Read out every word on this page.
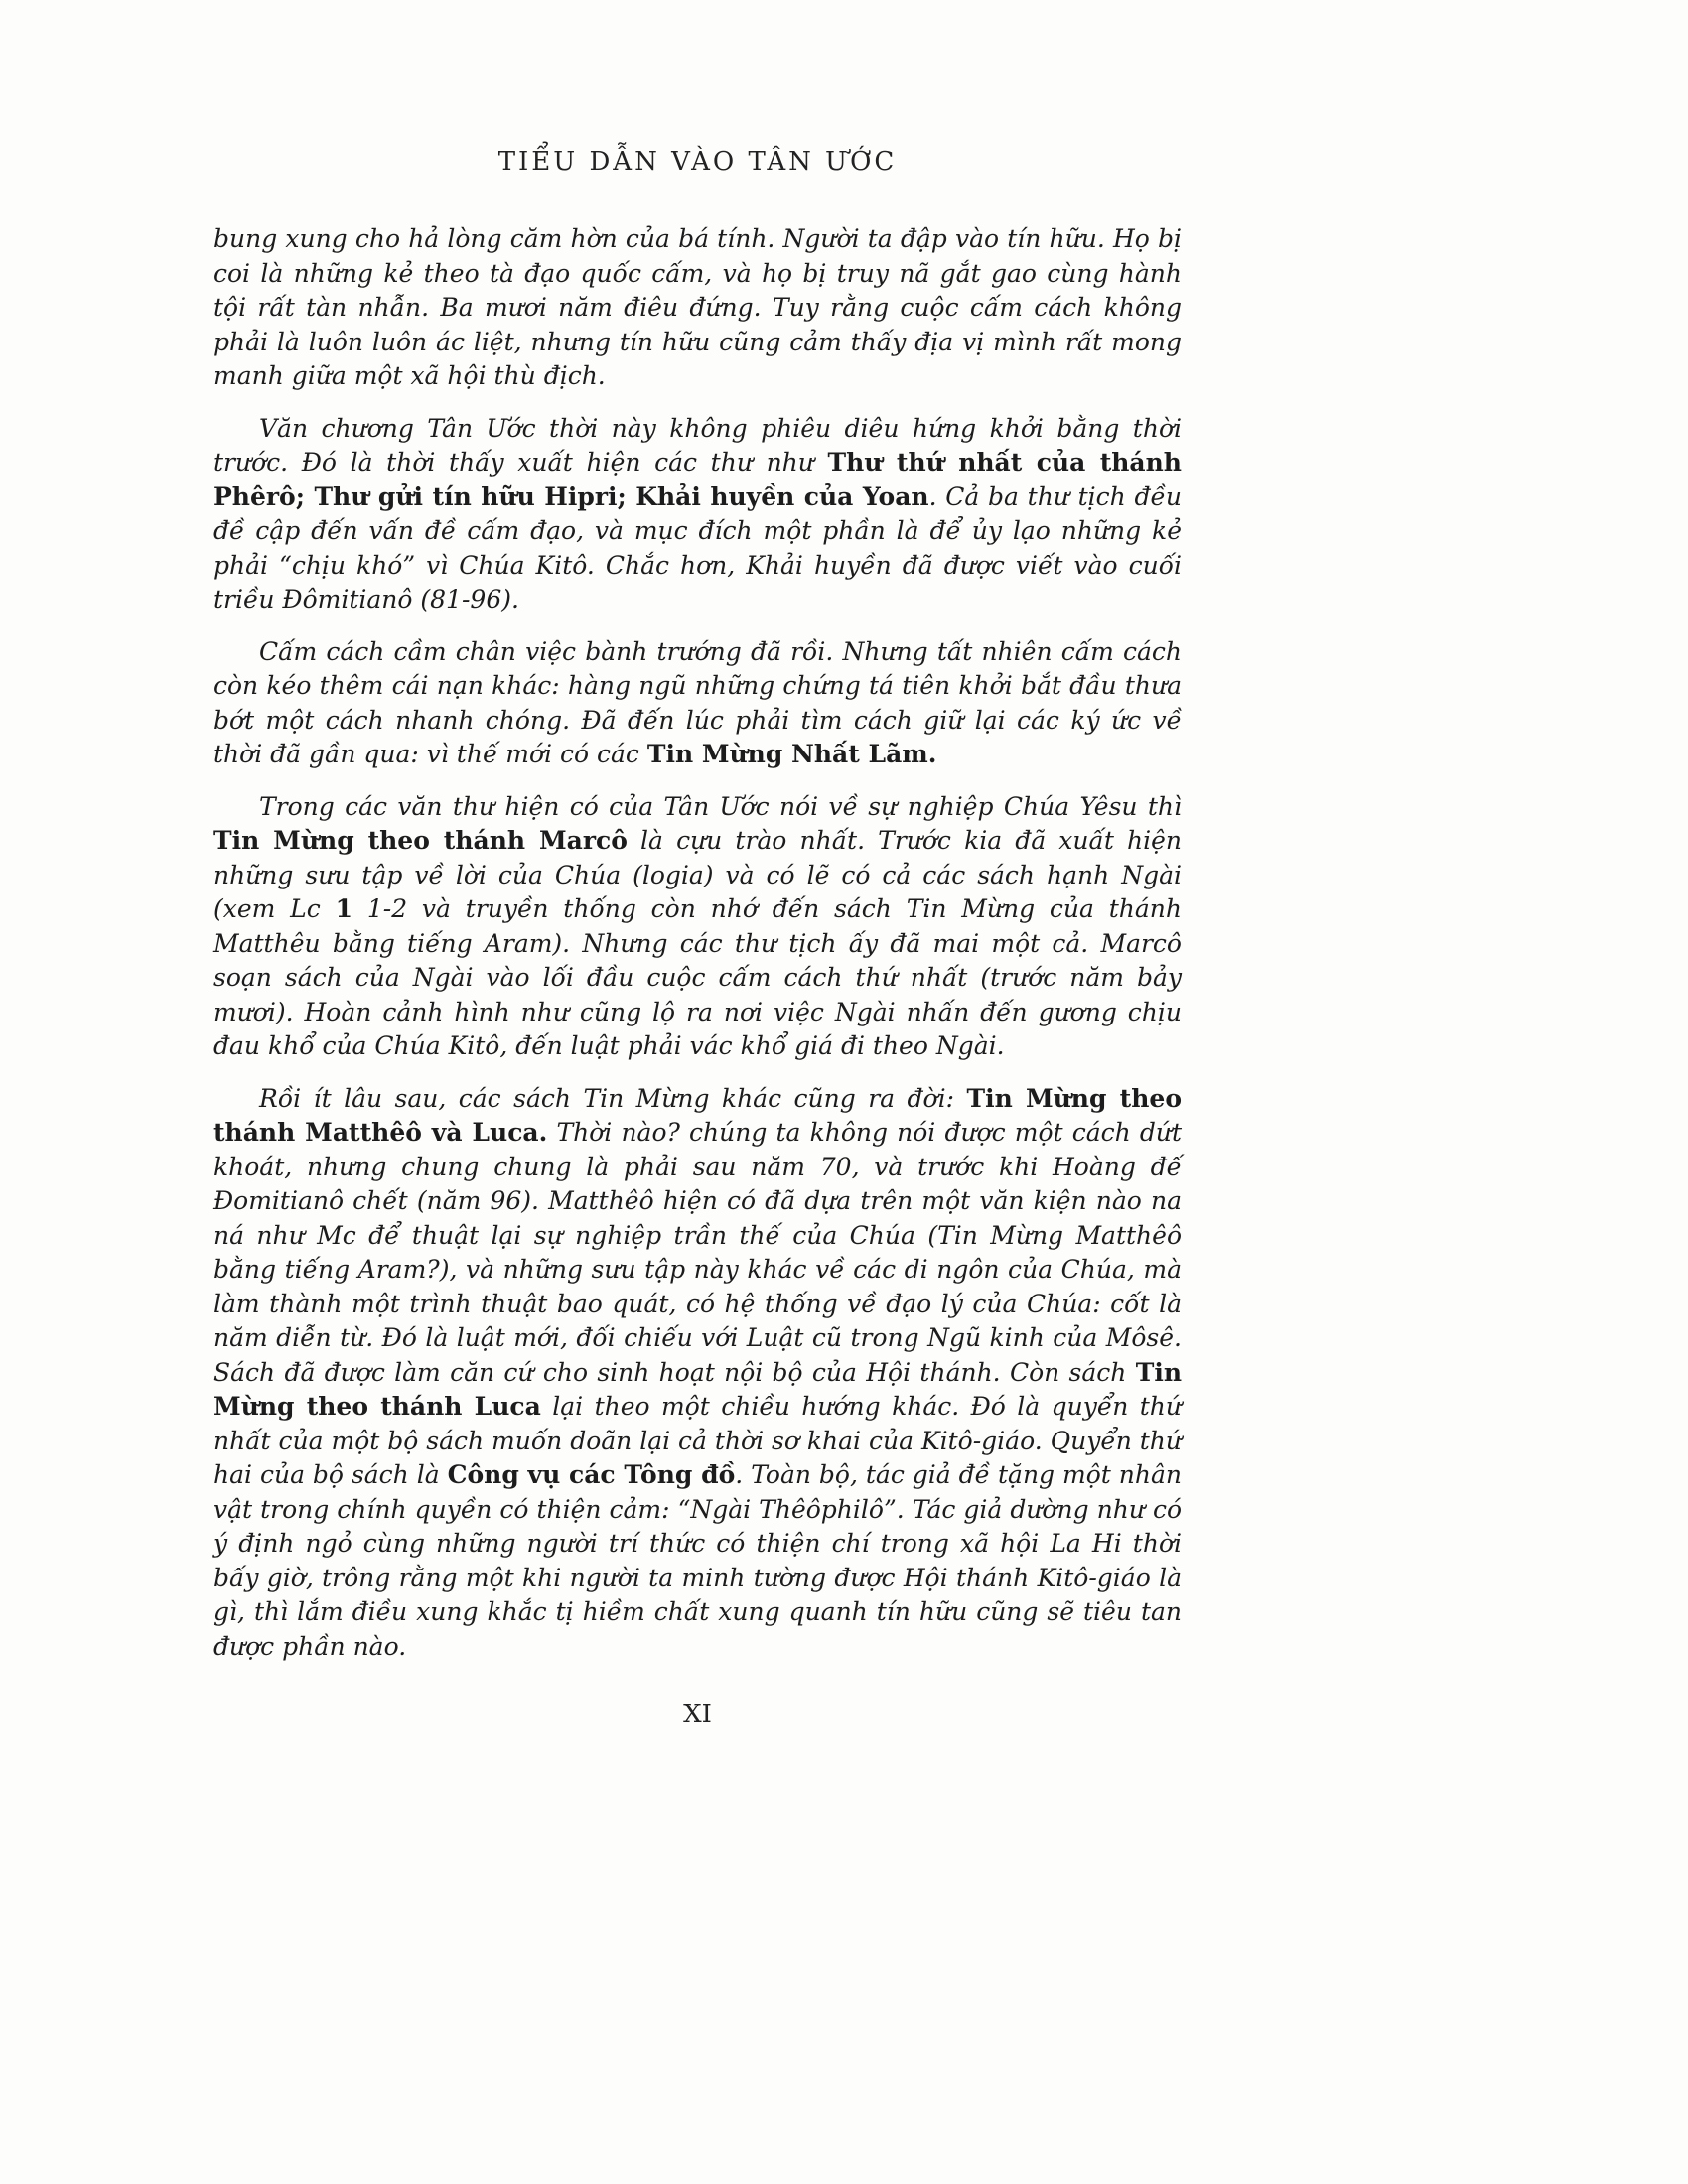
TIỂU DẪN VÀO TÂN ƯỚC

bung xung cho hả lòng căm hờn của bá tính. Người ta đập vào tín hữu. Họ bị coi là những kẻ theo tà đạo quốc cấm, và họ bị truy nã gắt gao cùng hành tội rất tàn nhẫn. Ba mươi năm điêu đứng. Tuy rằng cuộc cấm cách không phải là luôn luôn ác liệt, nhưng tín hữu cũng cảm thấy địa vị mình rất mong manh giữa một xã hội thù địch.

Văn chương Tân Ước thời này không phiêu diêu hứng khởi bằng thời trước. Đó là thời thấy xuất hiện các thư như Thư thứ nhất của thánh Phêrô; Thư gửi tín hữu Hipri; Khải huyền của Yoan. Cả ba thư tịch đều đề cập đến vấn đề cấm đạo, và mục đích một phần là để ủy lạo những kẻ phải “chịu khó” vì Chúa Kitô. Chắc hơn, Khải huyền đã được viết vào cuối triều Đômitianô (81-96).

Cấm cách cầm chân việc bành trướng đã rồi. Nhưng tất nhiên cấm cách còn kéo thêm cái nạn khác: hàng ngũ những chứng tá tiên khởi bắt đầu thưa bớt một cách nhanh chóng. Đã đến lúc phải tìm cách giữ lại các ký ức về thời đã gần qua: vì thế mới có các Tin Mừng Nhất Lãm.

Trong các văn thư hiện có của Tân Ước nói về sự nghiệp Chúa Yêsu thì Tin Mừng theo thánh Marcô là cựu trào nhất. Trước kia đã xuất hiện những sưu tập về lời của Chúa (logia) và có lẽ có cả các sách hạnh Ngài (xem Lc 1 1-2 và truyền thống còn nhớ đến sách Tin Mừng của thánh Matthêu bằng tiếng Aram). Nhưng các thư tịch ấy đã mai một cả. Marcô soạn sách của Ngài vào lối đầu cuộc cấm cách thứ nhất (trước năm bảy mươi). Hoàn cảnh hình như cũng lộ ra nơi việc Ngài nhấn đến gương chịu đau khổ của Chúa Kitô, đến luật phải vác khổ giá đi theo Ngài.

Rồi ít lâu sau, các sách Tin Mừng khác cũng ra đời: Tin Mừng theo thánh Matthêô và Luca. Thời nào? chúng ta không nói được một cách dứt khoát, nhưng chung chung là phải sau năm 70, và trước khi Hoàng đế Đomitianô chết (năm 96). Matthêô hiện có đã dựa trên một văn kiện nào na ná như Mc để thuật lại sự nghiệp trần thế của Chúa (Tin Mừng Matthêô bằng tiếng Aram?), và những sưu tập này khác về các di ngôn của Chúa, mà làm thành một trình thuật bao quát, có hệ thống về đạo lý của Chúa: cốt là năm diễn từ. Đó là luật mới, đối chiếu với Luật cũ trong Ngũ kinh của Môsê. Sách đã được làm căn cứ cho sinh hoạt nội bộ của Hội thánh. Còn sách Tin Mừng theo thánh Luca lại theo một chiều hướng khác. Đó là quyển thứ nhất của một bộ sách muốn doãn lại cả thời sơ khai của Kitô-giáo. Quyển thứ hai của bộ sách là Công vụ các Tông đồ. Toàn bộ, tác giả đề tặng một nhân vật trong chính quyền có thiện cảm: “Ngài Thêôphilô”. Tác giả dường như có ý định ngỏ cùng những người trí thức có thiện chí trong xã hội La Hi thời bấy giờ, trông rằng một khi người ta minh tường được Hội thánh Kitô-giáo là gì, thì lắm điều xung khắc tị hiềm chất xung quanh tín hữu cũng sẽ tiêu tan được phần nào.

XI
